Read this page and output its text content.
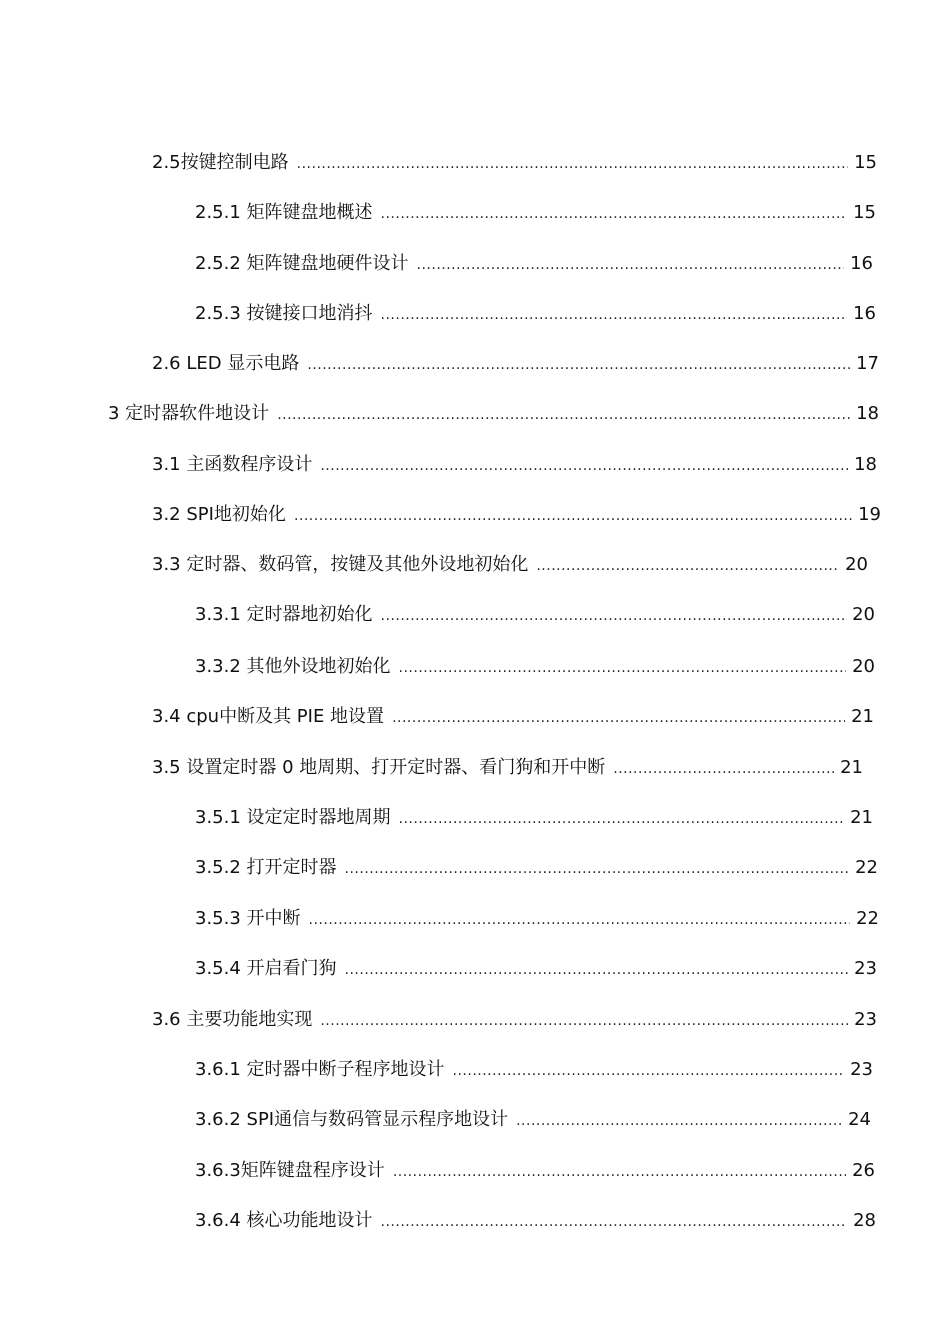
2.5按键控制电路 .....	15
2.5.1 矩阵键盘地概述 .....	15
2.5.2 矩阵键盘地硬件设计 .....	16
2.5.3 按键接口地消抖 .....	16
2.6 LED 显示电路 .....	17
3 定时器软件地设计 .....	18
3.1 主函数程序设计 .....	18
3.2 SPI地初始化 .....	19
3.3 定时器、数码管，按键及其他外设地初始化 .....	20
3.3.1 定时器地初始化 .....	20
3.3.2 其他外设地初始化 .....	20
3.4 cpu中断及其 PIE 地设置 .....	21
3.5 设置定时器 0 地周期、打开定时器、看门狗和开中断 .....	21
3.5.1 设定定时器地周期 .....	21
3.5.2 打开定时器 .....	22
3.5.3 开中断 .....	22
3.5.4 开启看门狗 .....	23
3.6 主要功能地实现 .....	23
3.6.1 定时器中断子程序地设计 .....	23
3.6.2 SPI通信与数码管显示程序地设计 .....	24
3.6.3矩阵键盘程序设计 .....	26
3.6.4 核心功能地设计 .....	28
